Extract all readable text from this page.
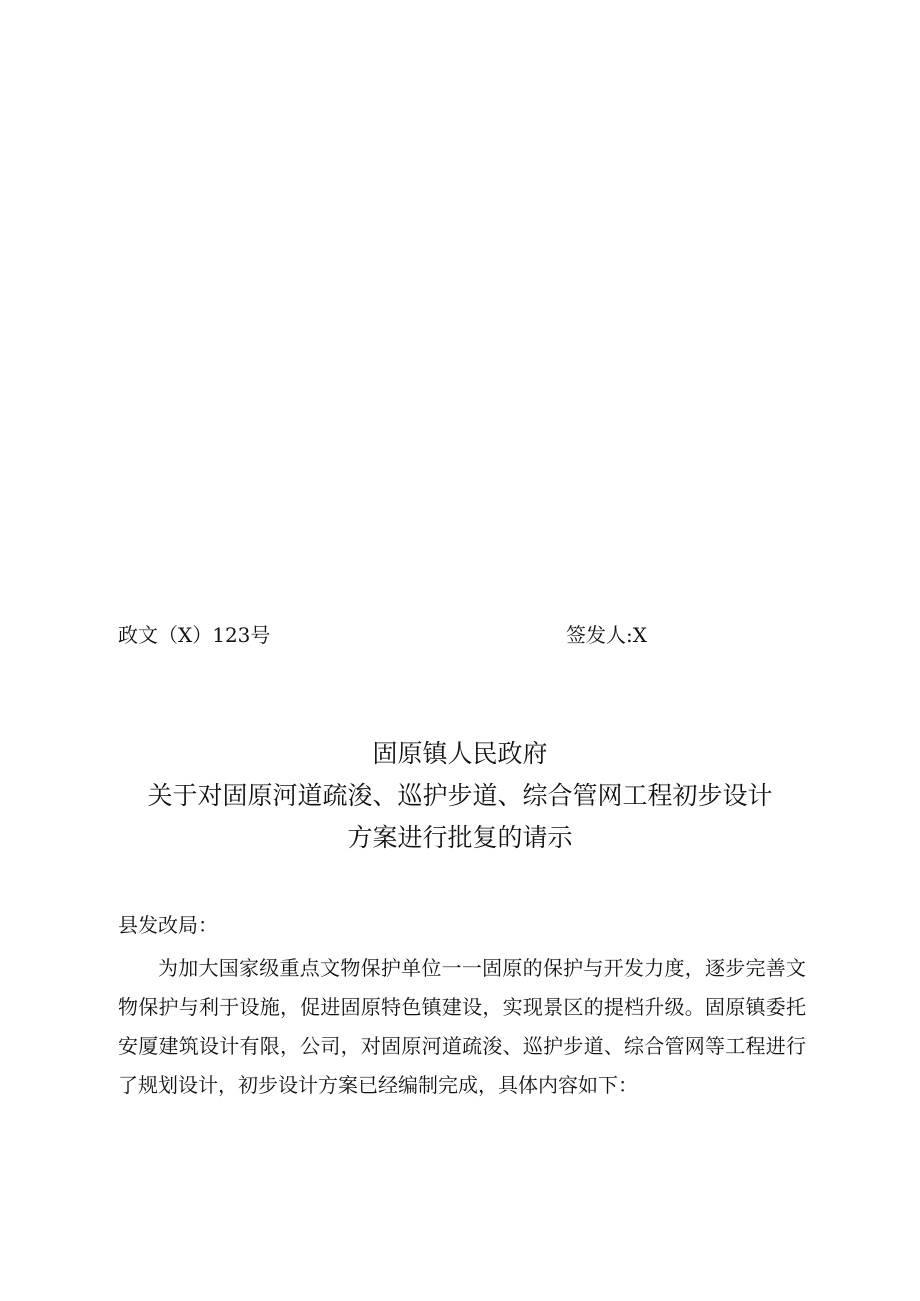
政文（X）123号	签发人:X
固原镇人民政府
关于对固原河道疏浚、巡护步道、综合管网工程初步设计
方案进行批复的请示
县发改局：

为加大国家级重点文物保护单位一一固原的保护与开发力度，逐步完善文物保护与利于设施，促进固原特色镇建设，实现景区的提档升级。固原镇委托安厦建筑设计有限，公司，对固原河道疏浚、巡护步道、综合管网等工程进行了规划设计，初步设计方案已经编制完成，具体内容如下：
